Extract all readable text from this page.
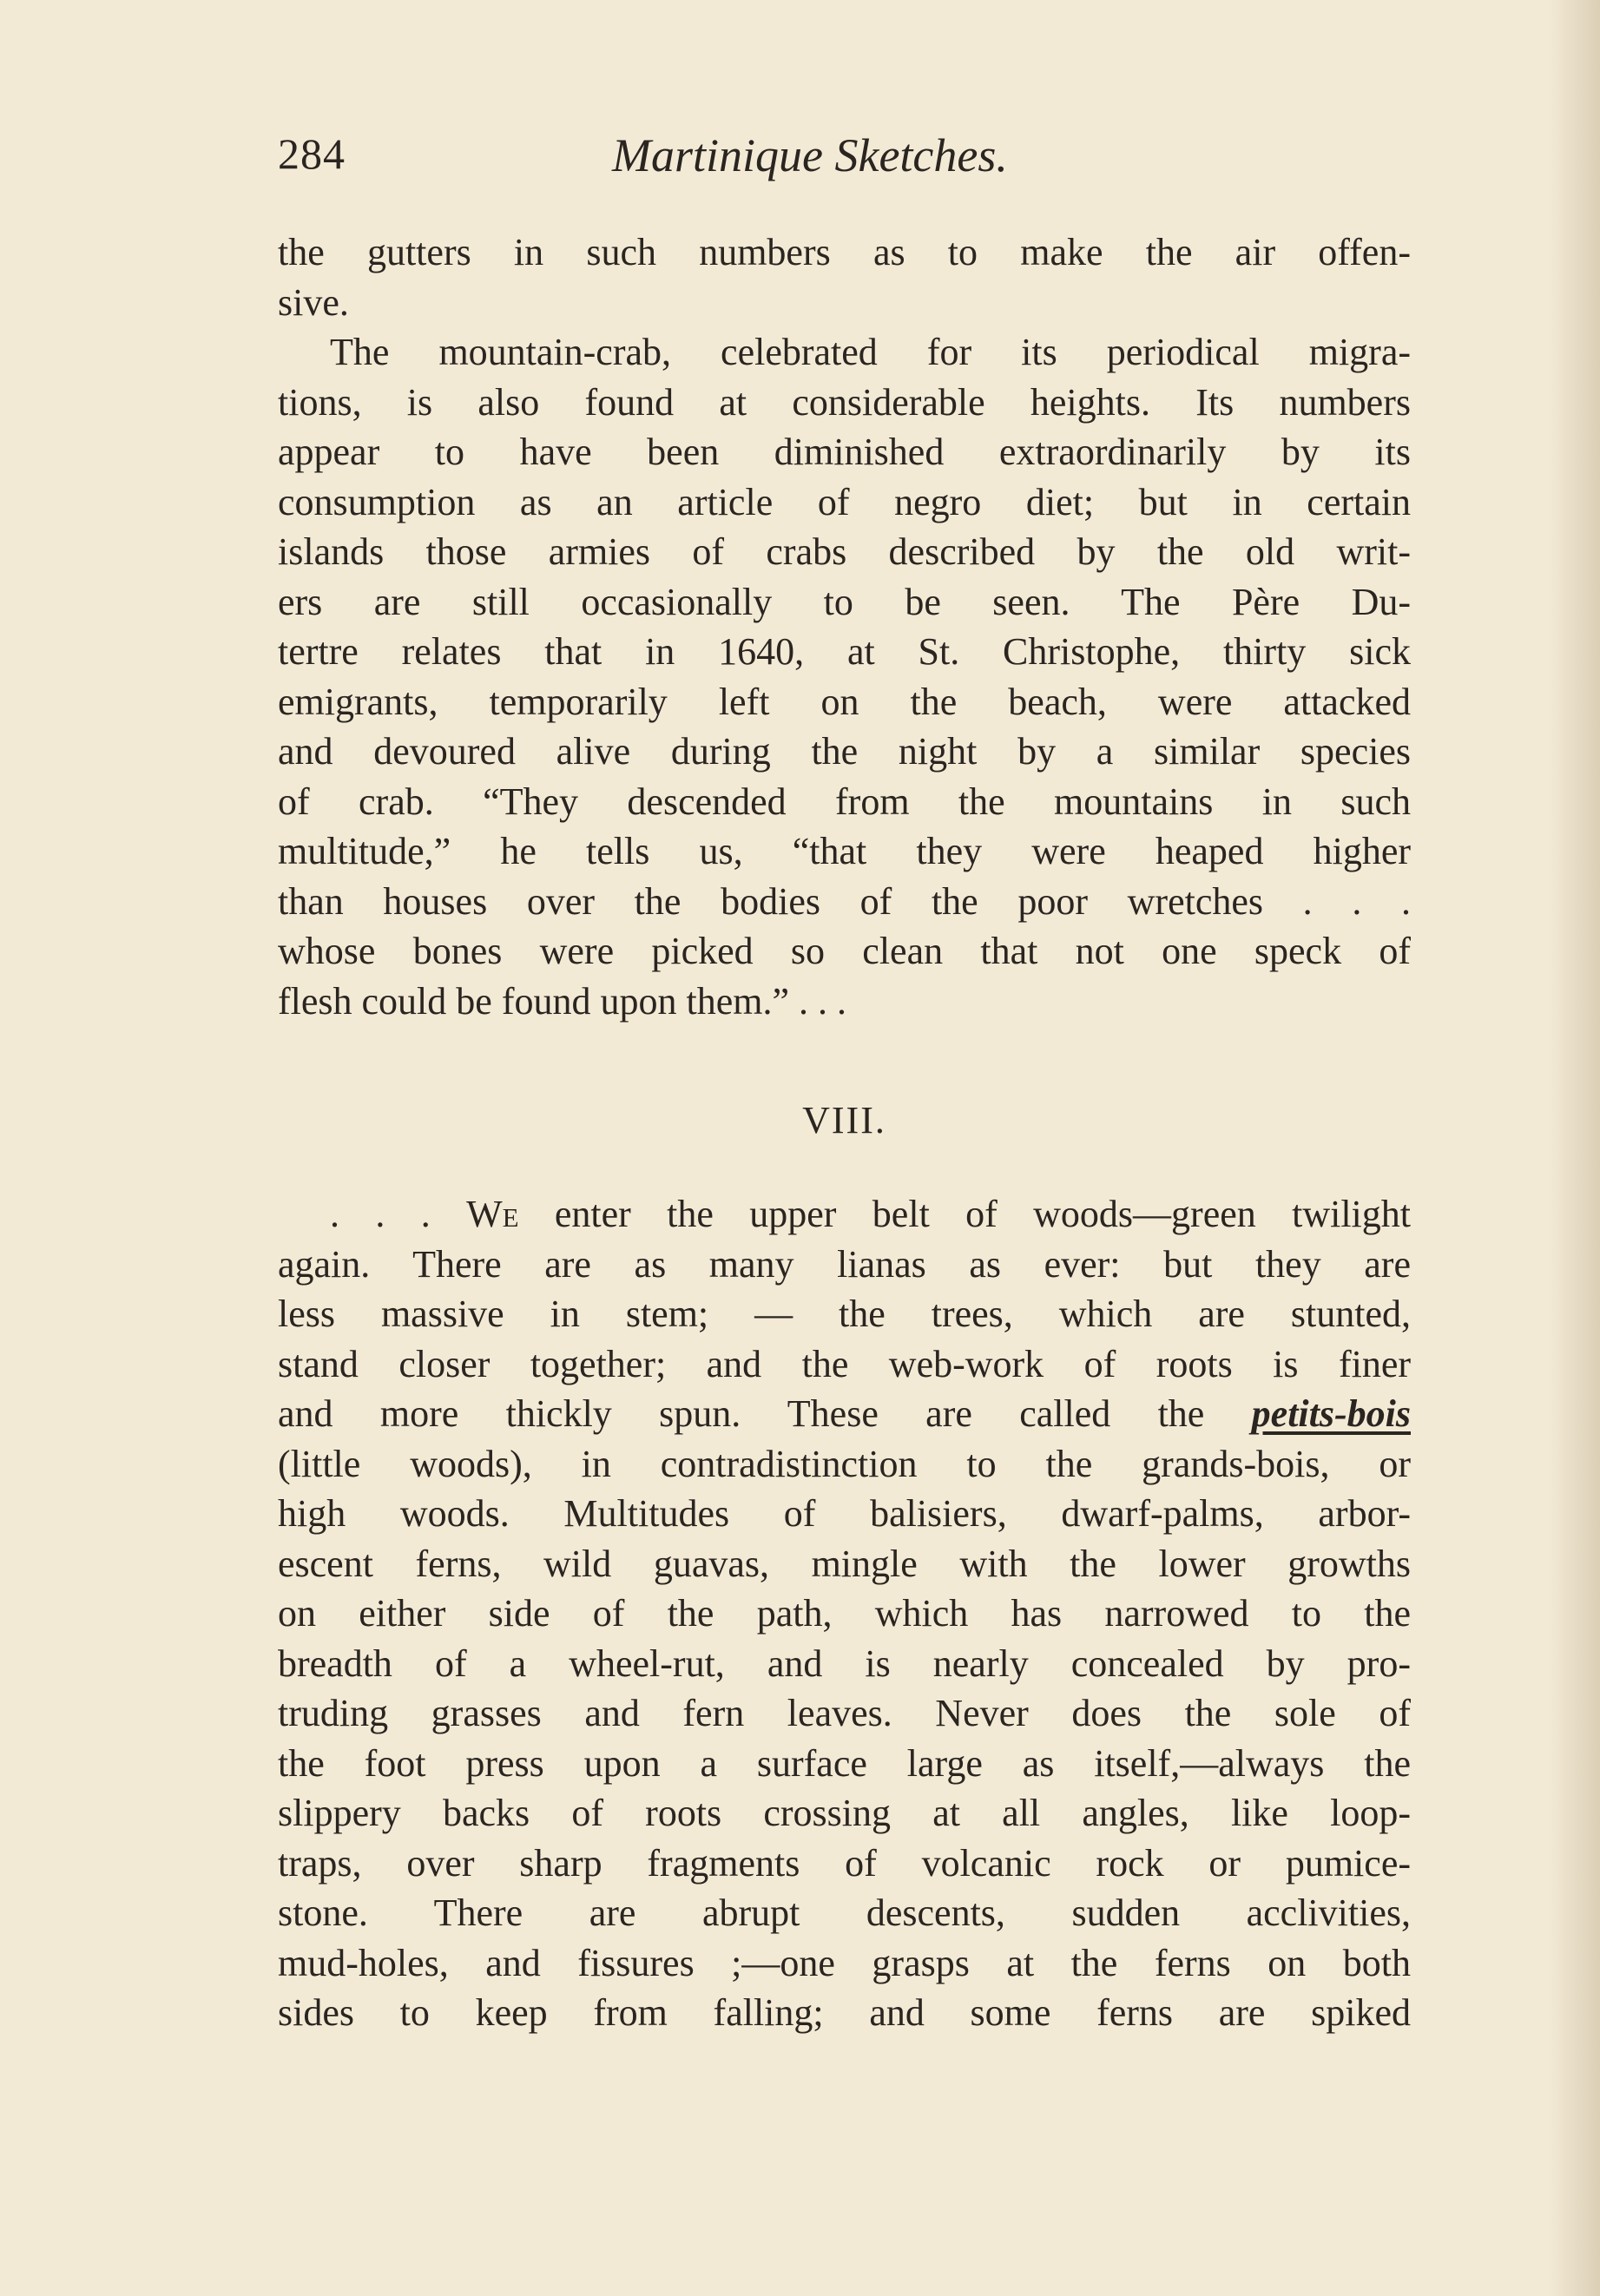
284	Martinique Sketches.
the gutters in such numbers as to make the air offen-
sive.
The mountain-crab, celebrated for its periodical migra-
tions, is also found at considerable heights. Its numbers
appear to have been diminished extraordinarily by its
consumption as an article of negro diet; but in certain
islands those armies of crabs described by the old writ-
ers are still occasionally to be seen. The Père Du-
tertre relates that in 1640, at St. Christophe, thirty sick
emigrants, temporarily left on the beach, were attacked
and devoured alive during the night by a similar species
of crab. “They descended from the mountains in such
multitude,” he tells us, “that they were heaped higher
than houses over the bodies of the poor wretches . . .
whose bones were picked so clean that not one speck of
flesh could be found upon them.” . . .
VIII.
. . . We enter the upper belt of woods—green twilight
again. There are as many lianas as ever: but they are
less massive in stem; — the trees, which are stunted,
stand closer together; and the web-work of roots is finer
and more thickly spun. These are called the petits-bois
(little woods), in contradistinction to the grands-bois, or
high woods. Multitudes of balisiers, dwarf-palms, arbor-
escent ferns, wild guavas, mingle with the lower growths
on either side of the path, which has narrowed to the
breadth of a wheel-rut, and is nearly concealed by pro-
truding grasses and fern leaves. Never does the sole of
the foot press upon a surface large as itself,—always the
slippery backs of roots crossing at all angles, like loop-
traps, over sharp fragments of volcanic rock or pumice-
stone. There are abrupt descents, sudden acclivities,
mud-holes, and fissures ;—one grasps at the ferns on both
sides to keep from falling; and some ferns are spiked
